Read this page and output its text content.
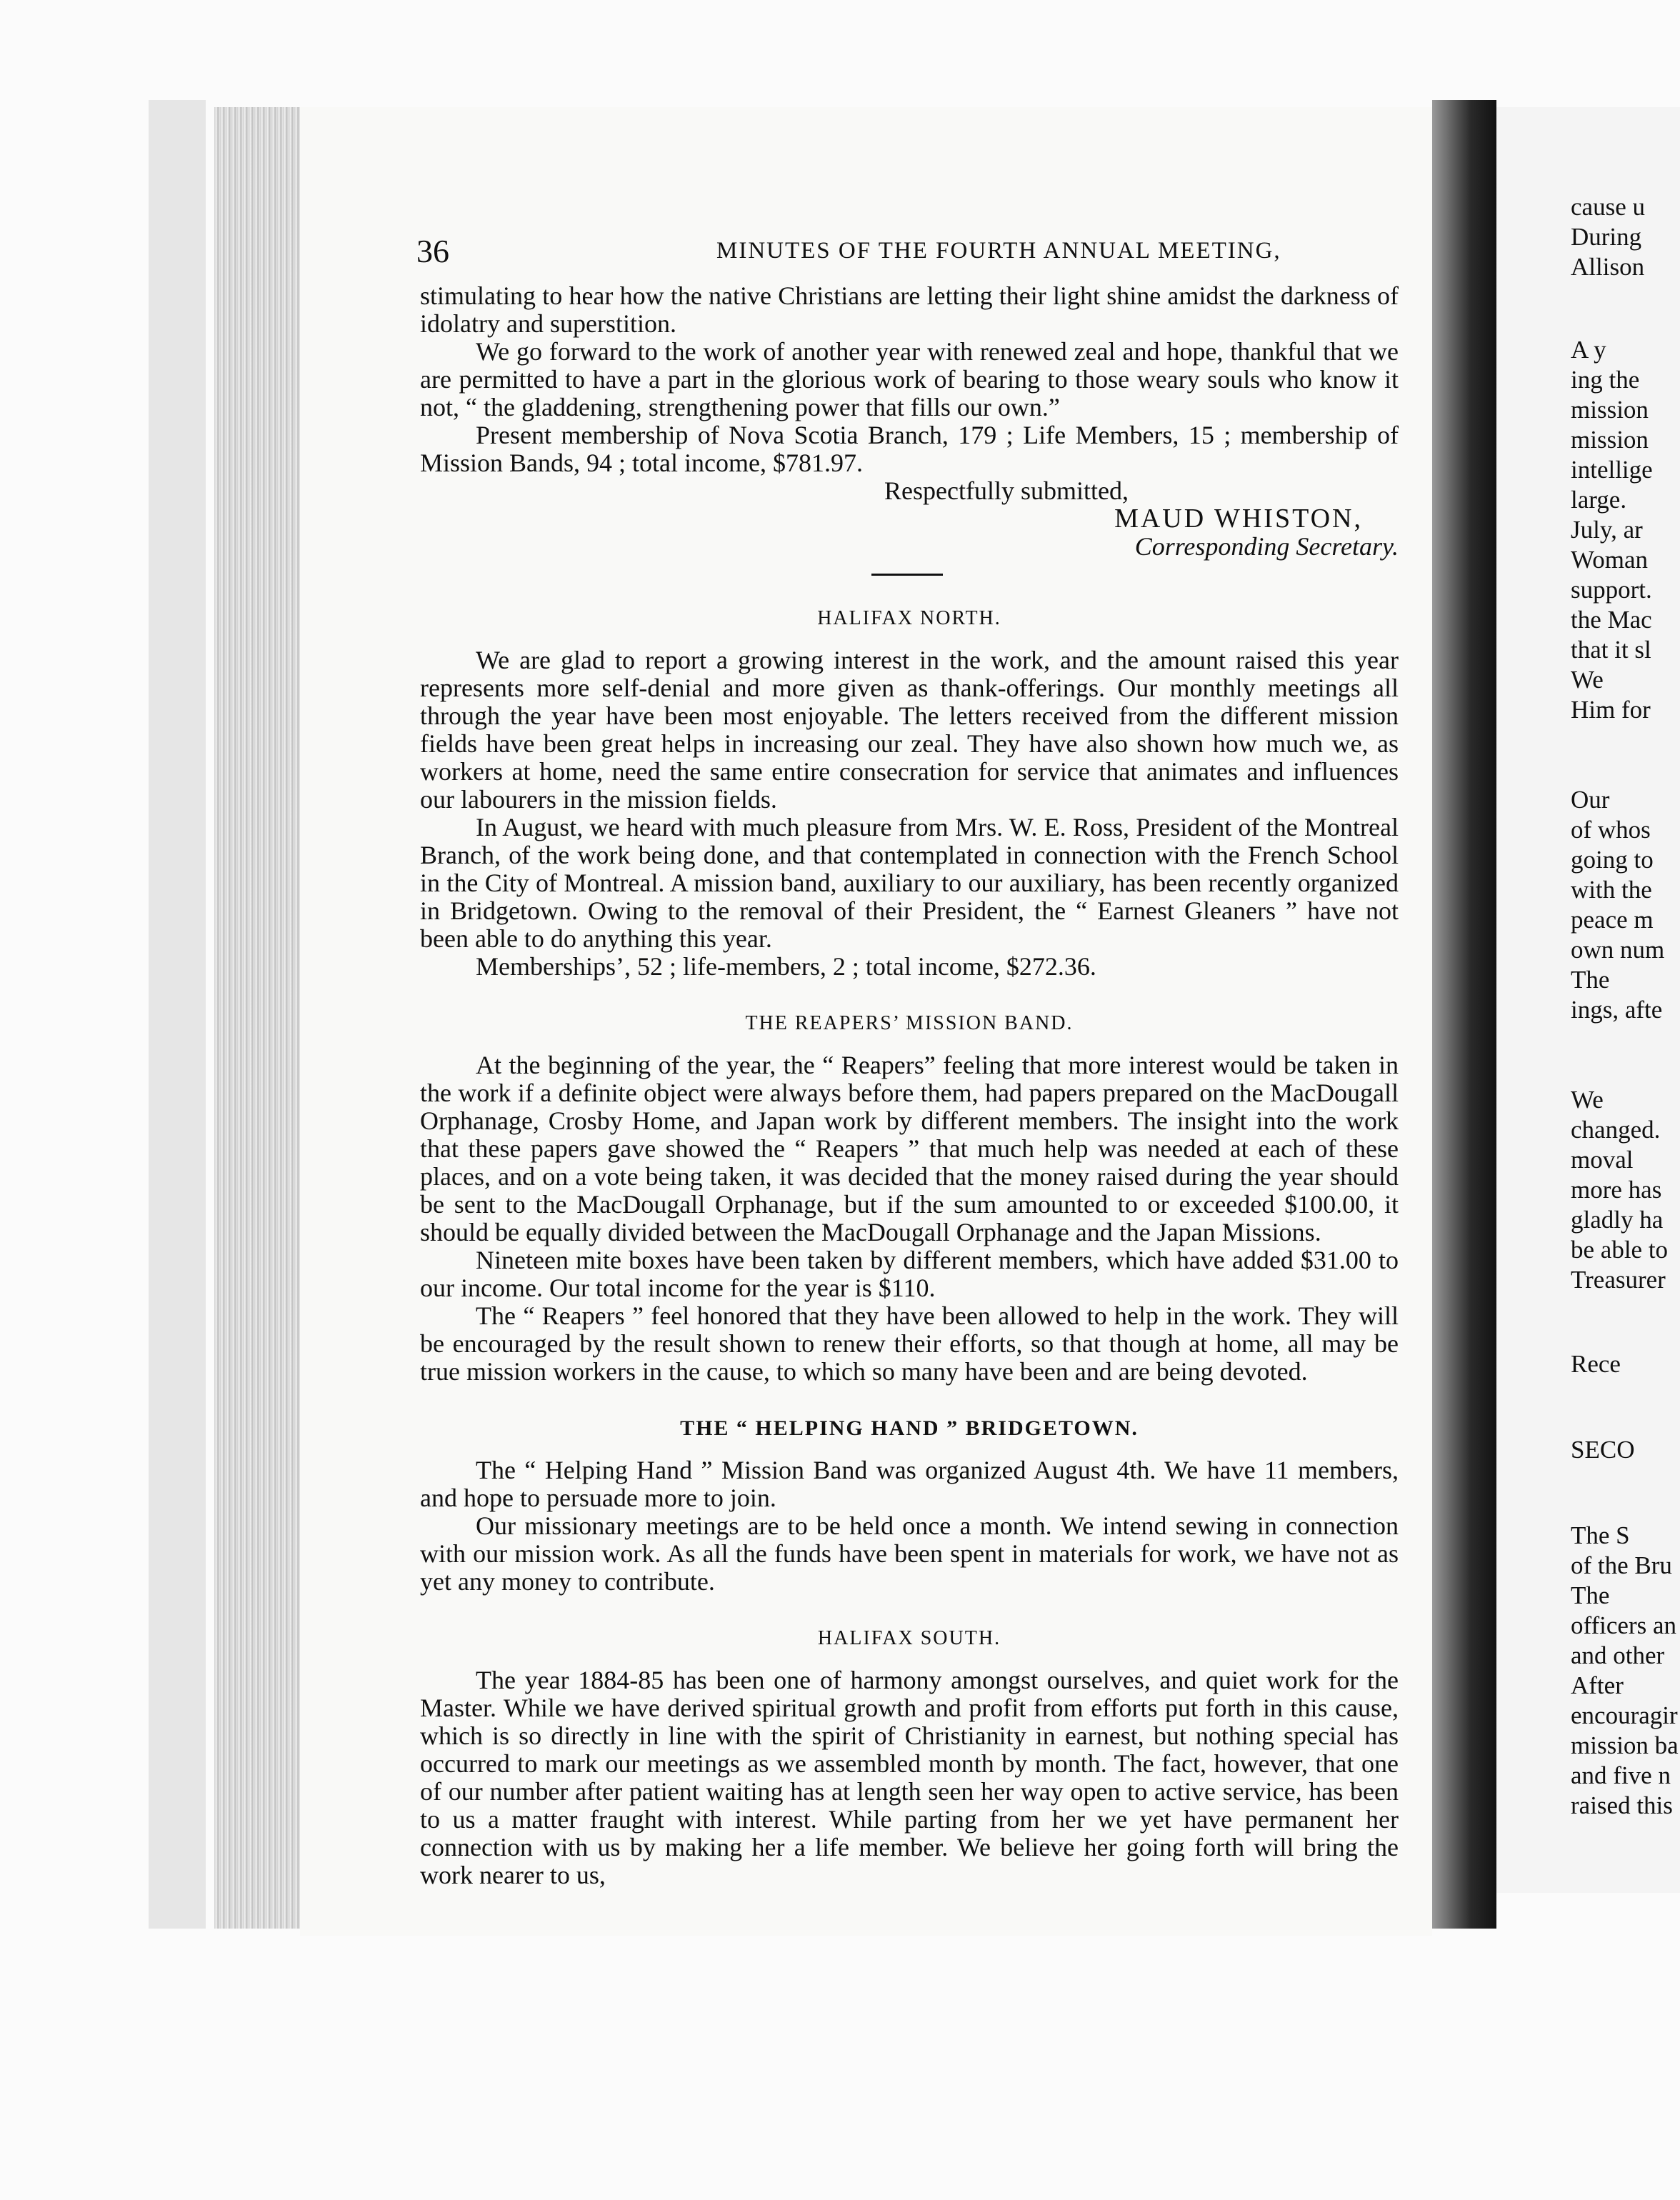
cause u
During
Allison
A y
ing the
mission
mission
intellige
large.
July, ar
Woman
support.
the Mac
that it sl
We
Him for
Our
of whos
going to
with the
peace m
own num
The
ings, afte
We
changed.
moval
more has
gladly ha
be able to
Treasurer
Rece
SECO
The S
of the Bru
The
officers an
and other
After
encouragir
mission ba
and five n
raised this
36	MINUTES OF THE FOURTH ANNUAL MEETING,

stimulating to hear how the native Christians are letting their light shine amidst the darkness of idolatry and superstition.

We go forward to the work of another year with renewed zeal and hope, thankful that we are permitted to have a part in the glorious work of bearing to those weary souls who know it not, “ the gladdening, strengthening power that fills our own.”

Present membership of Nova Scotia Branch, 179 ; Life Members, 15 ; membership of Mission Bands, 94 ; total income, $781.97.

Respectfully submitted,
MAUD WHISTON,
Corresponding Secretary.
HALIFAX NORTH.

We are glad to report a growing interest in the work, and the amount raised this year represents more self-denial and more given as thank-offerings. Our monthly meetings all through the year have been most enjoyable. The letters received from the different mission fields have been great helps in increasing our zeal. They have also shown how much we, as workers at home, need the same entire consecration for service that animates and influences our labourers in the mission fields.

In August, we heard with much pleasure from Mrs. W. E. Ross, President of the Montreal Branch, of the work being done, and that contemplated in connection with the French School in the City of Montreal. A mission band, auxiliary to our auxiliary, has been recently organized in Bridgetown. Owing to the removal of their President, the “ Earnest Gleaners ” have not been able to do anything this year.

Memberships’, 52 ; life-members, 2 ; total income, $272.36.

THE REAPERS’ MISSION BAND.

At the beginning of the year, the “ Reapers” feeling that more interest would be taken in the work if a definite object were always before them, had papers prepared on the MacDougall Orphanage, Crosby Home, and Japan work by different members. The insight into the work that these papers gave showed the “ Reapers ” that much help was needed at each of these places, and on a vote being taken, it was decided that the money raised during the year should be sent to the MacDougall Orphanage, but if the sum amounted to or exceeded $100.00, it should be equally divided between the MacDougall Orphanage and the Japan Missions.

Nineteen mite boxes have been taken by different members, which have added $31.00 to our income. Our total income for the year is $110.

The “ Reapers ” feel honored that they have been allowed to help in the work. They will be encouraged by the result shown to renew their efforts, so that though at home, all may be true mission workers in the cause, to which so many have been and are being devoted.

THE “ HELPING HAND ” BRIDGETOWN.

The “ Helping Hand ” Mission Band was organized August 4th. We have 11 members, and hope to persuade more to join.

Our missionary meetings are to be held once a month. We intend sewing in connection with our mission work. As all the funds have been spent in materials for work, we have not as yet any money to contribute.

HALIFAX SOUTH.

The year 1884-85 has been one of harmony amongst ourselves, and quiet work for the Master. While we have derived spiritual growth and profit from efforts put forth in this cause, which is so directly in line with the spirit of Christianity in earnest, but nothing special has occurred to mark our meetings as we assembled month by month. The fact, however, that one of our number after patient waiting has at length seen her way open to active service, has been to us a matter fraught with interest. While parting from her we yet have permanent her connection with us by making her a life member. We believe her going forth will bring the work nearer to us,
